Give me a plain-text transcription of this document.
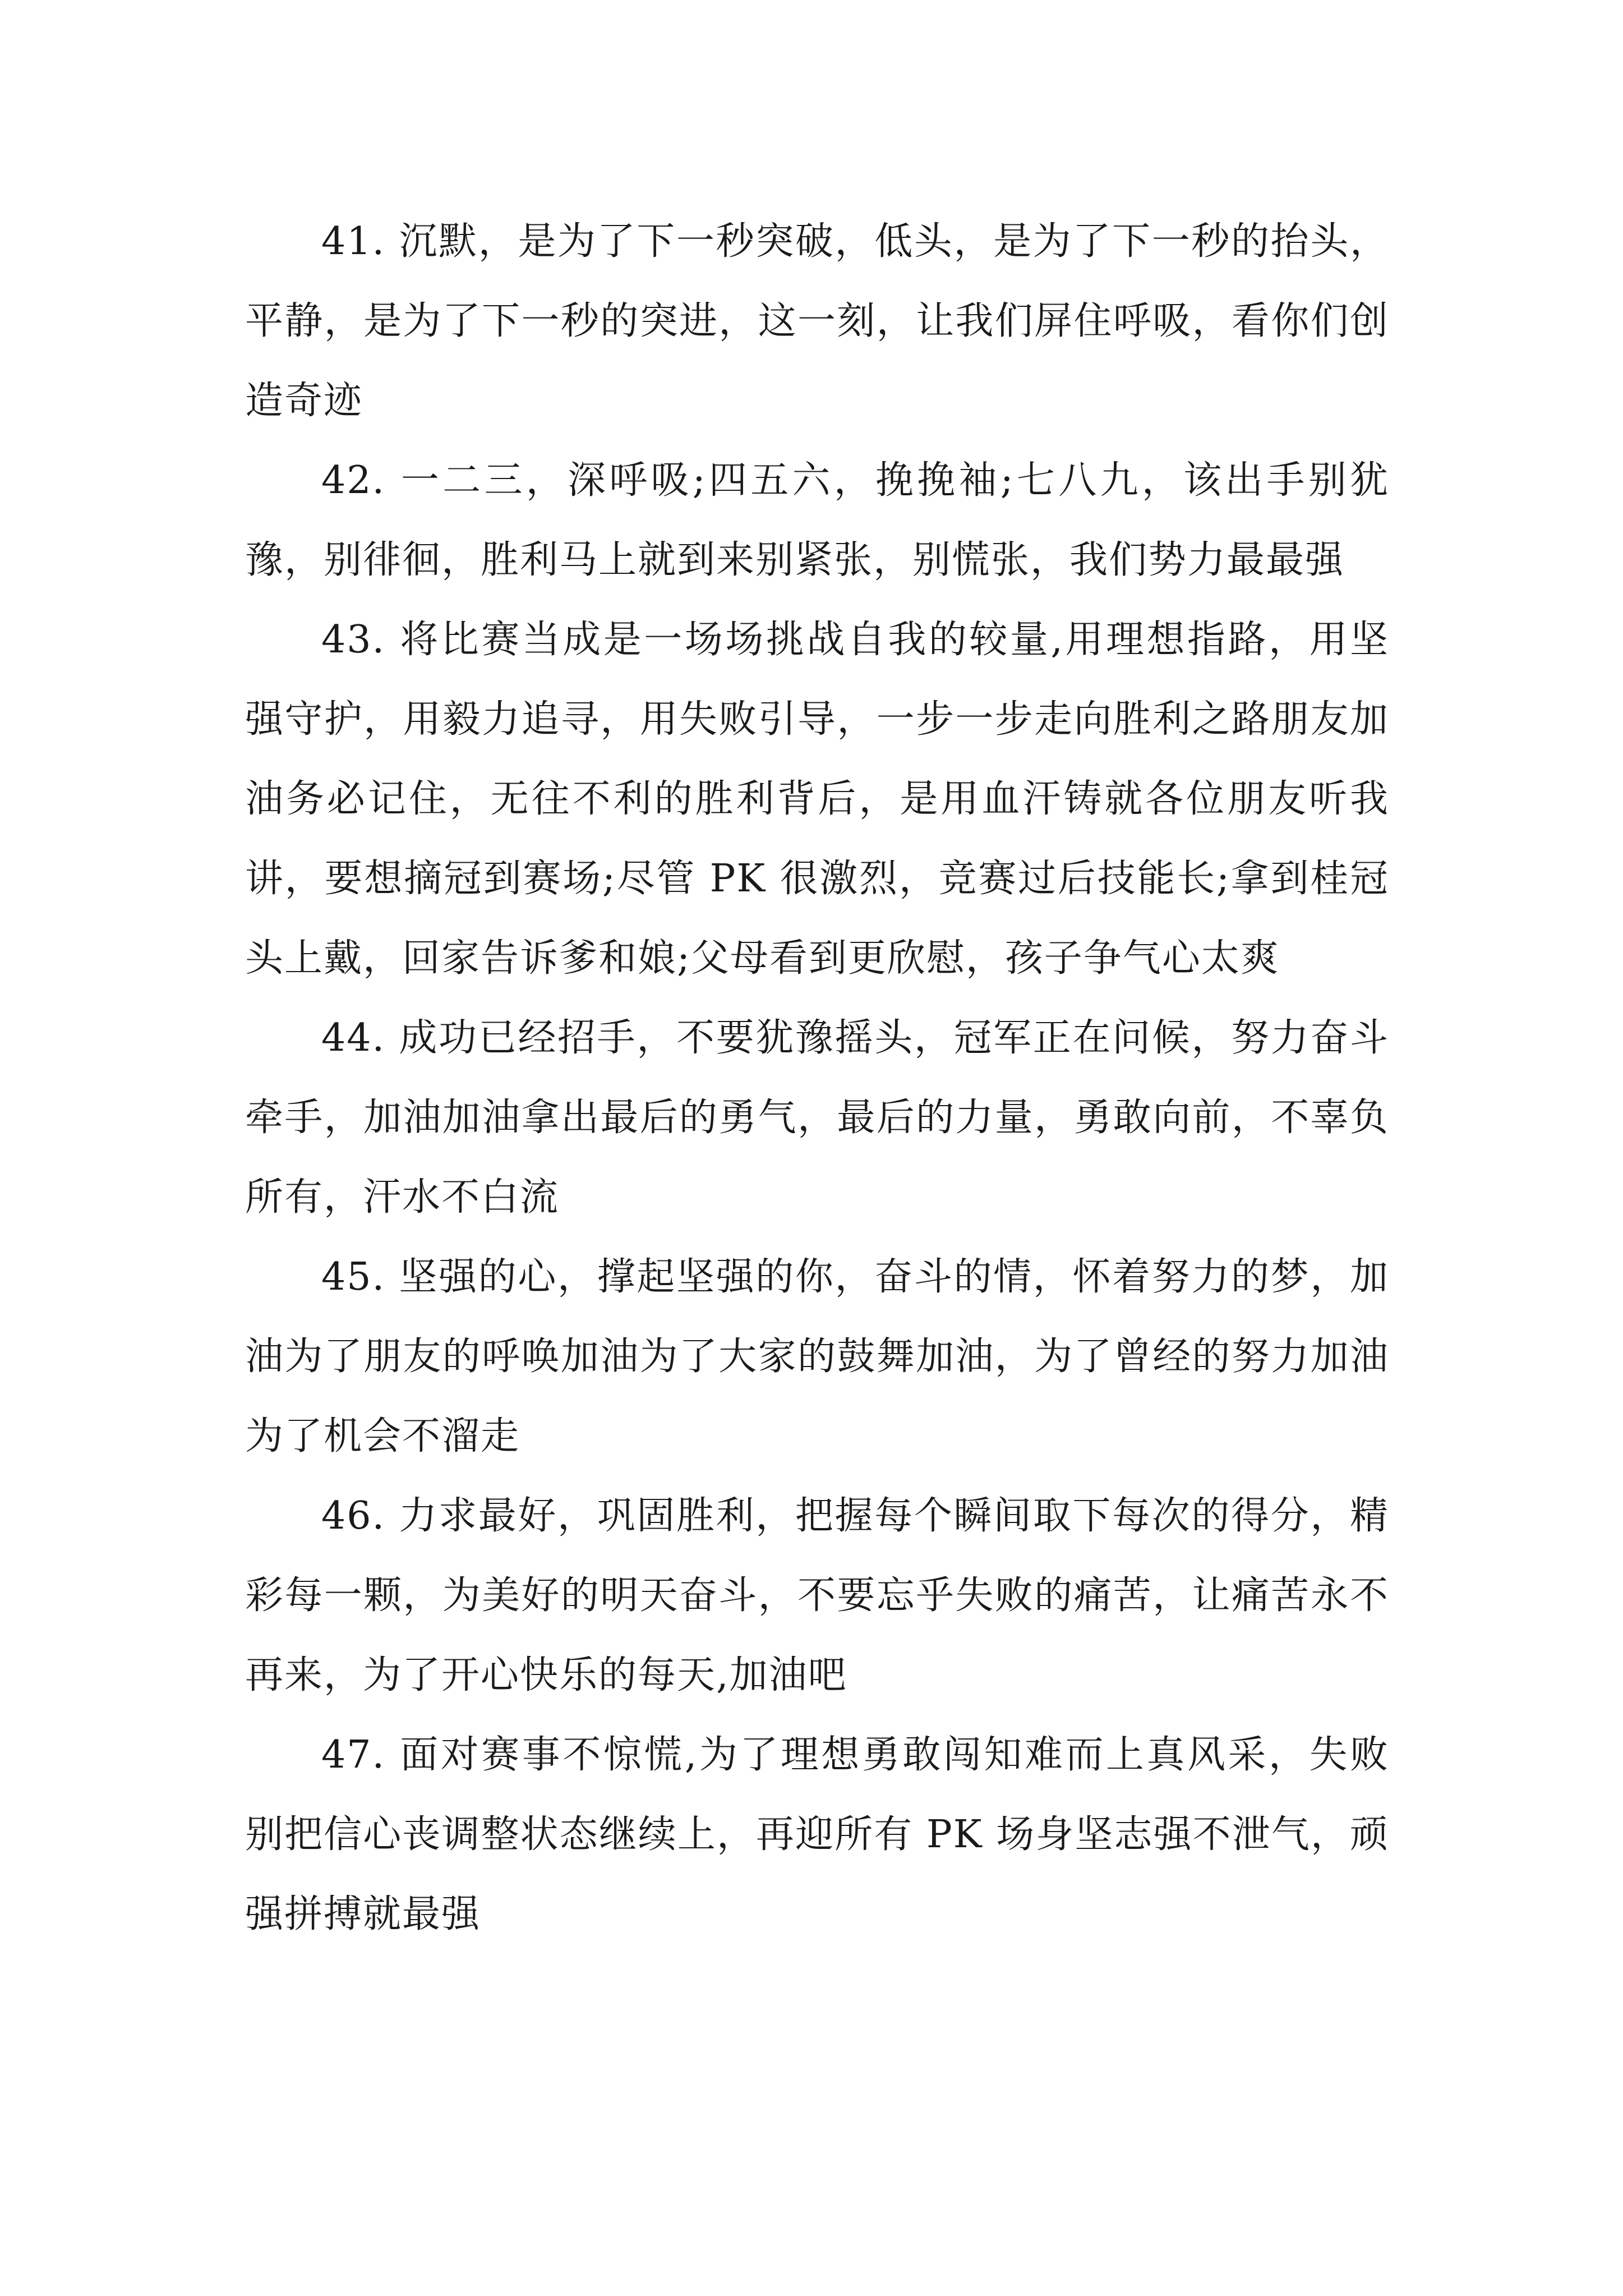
41. 沉默，是为了下一秒突破，低头，是为了下一秒的抬头，平静，是为了下一秒的突进，这一刻，让我们屏住呼吸，看你们创造奇迹

42. 一二三，深呼吸;四五六，挽挽袖;七八九，该出手别犹豫，别徘徊，胜利马上就到来别紧张，别慌张，我们势力最最强

43. 将比赛当成是一场场挑战自我的较量,用理想指路，用坚强守护，用毅力追寻，用失败引导，一步一步走向胜利之路朋友加油务必记住，无往不利的胜利背后，是用血汗铸就各位朋友听我讲，要想摘冠到赛场;尽管 PK 很激烈，竞赛过后技能长;拿到桂冠头上戴，回家告诉爹和娘;父母看到更欣慰，孩子争气心太爽

44. 成功已经招手，不要犹豫摇头，冠军正在问候，努力奋斗牵手，加油加油拿出最后的勇气，最后的力量，勇敢向前，不辜负所有，汗水不白流

45. 坚强的心，撑起坚强的你，奋斗的情，怀着努力的梦，加油为了朋友的呼唤加油为了大家的鼓舞加油，为了曾经的努力加油为了机会不溜走

46. 力求最好，巩固胜利，把握每个瞬间取下每次的得分，精彩每一颗，为美好的明天奋斗，不要忘乎失败的痛苦，让痛苦永不再来，为了开心快乐的每天,加油吧

47. 面对赛事不惊慌,为了理想勇敢闯知难而上真风采，失败别把信心丧调整状态继续上，再迎所有 PK 场身坚志强不泄气，顽强拼搏就最强
